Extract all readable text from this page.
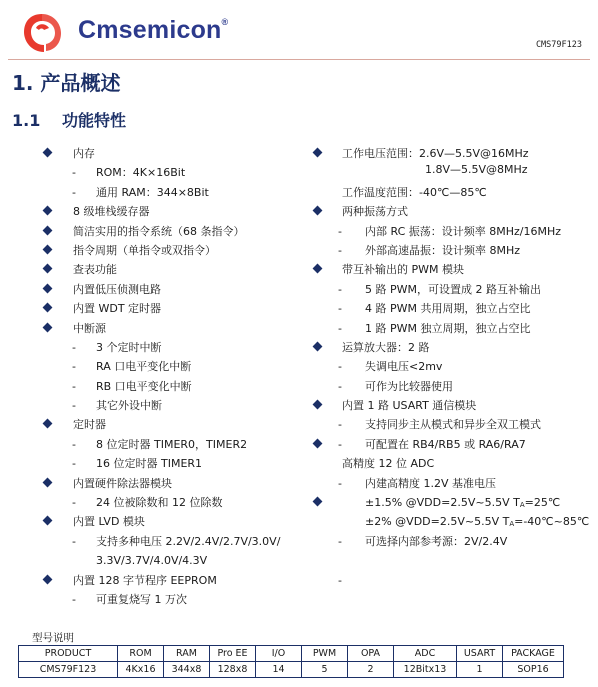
Cmsemicon®
CMS79F123
1. 产品概述
1.1 功能特性
内存
- ROM：4K×16Bit
- 通用 RAM：344×8Bit
8 级堆栈缓存器
简洁实用的指令系统（68 条指令）
指令周期（单指令或双指令）
查表功能
内置低压侦测电路
内置 WDT 定时器
中断源
- 3 个定时中断
- RA 口电平变化中断
- RB 口电平变化中断
- 其它外设中断
定时器
- 8 位定时器 TIMER0，TIMER2
- 16 位定时器 TIMER1
内置硬件除法器模块
- 24 位被除数和 12 位除数
内置 LVD 模块
- 支持多种电压 2.2V/2.4V/2.7V/3.0V/
3.3V/3.7V/4.0V/4.3V
内置 128 字节程序 EEPROM
- 可重复烧写 1 万次
工作电压范围：2.6V—5.5V@16MHz
1.8V—5.5V@8MHz
工作温度范围：-40℃—85℃
两种振荡方式
- 内部 RC 振荡：设计频率 8MHz/16MHz
- 外部高速晶振：设计频率 8MHz
带互补输出的 PWM 模块
- 5 路 PWM，可设置成 2 路互补输出
- 4 路 PWM 共用周期，独立占空比
- 1 路 PWM 独立周期，独立占空比
运算放大器：2 路
- 失调电压<2mv
- 可作为比较器使用
内置 1 路 USART 通信模块
- 支持同步主从模式和异步全双工模式
- 可配置在 RB4/RB5 或 RA6/RA7
高精度 12 位 ADC
- 内建高精度 1.2V 基准电压
±1.5% @VDD=2.5V~5.5V TA=25℃
±2% @VDD=2.5V~5.5V TA=-40℃~85℃
- 可选择内部参考源：2V/2.4V
-
型号说明
PRODUCT	ROM	RAM	Pro EE	I/O	PWM	OPA	ADC	USART	PACKAGE
CMS79F123	4Kx16	344x8	128x8	14	5	2	12Bitx13	1	SOP16
